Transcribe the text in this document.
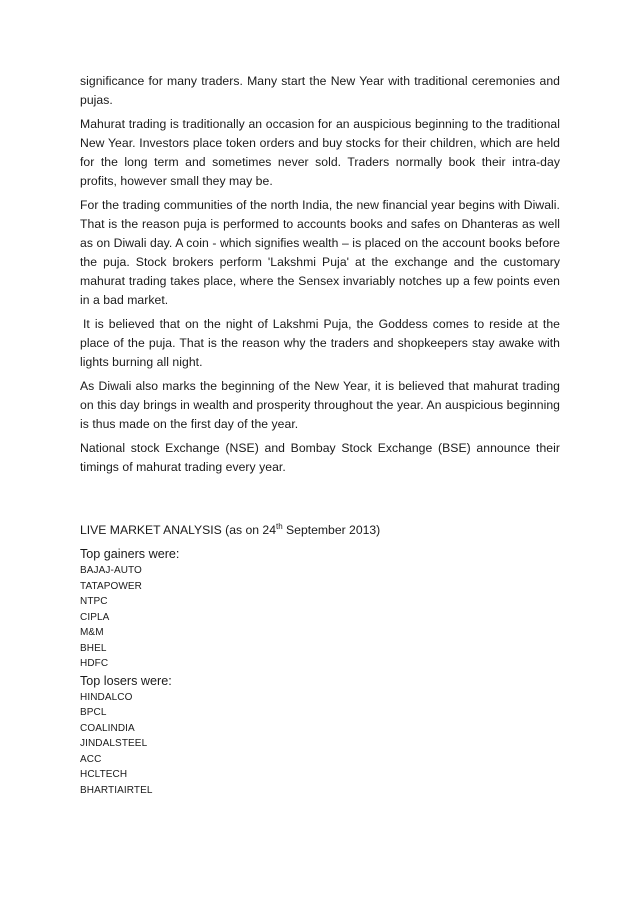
significance for many traders. Many start the New Year with traditional ceremonies and pujas.

Mahurat trading is traditionally an occasion for an auspicious beginning to the traditional New Year. Investors place token orders and buy stocks for their children, which are held for the long term and sometimes never sold. Traders normally book their intra-day profits, however small they may be.

For the trading communities of the north India, the new financial year begins with Diwali. That is the reason puja is performed to accounts books and safes on Dhanteras as well as on Diwali day. A coin - which signifies wealth – is placed on the account books before the puja. Stock brokers perform 'Lakshmi Puja' at the exchange and the customary mahurat trading takes place, where the Sensex invariably notches up a few points even in a bad market.

It is believed that on the night of Lakshmi Puja, the Goddess comes to reside at the place of the puja. That is the reason why the traders and shopkeepers stay awake with lights burning all night.

As Diwali also marks the beginning of the New Year, it is believed that mahurat trading on this day brings in wealth and prosperity throughout the year. An auspicious beginning is thus made on the first day of the year.

National stock Exchange (NSE) and Bombay Stock Exchange (BSE) announce their timings of mahurat trading every year.

LIVE MARKET ANALYSIS (as on 24th September 2013)

Top gainers were:

BAJAJ-AUTO
TATAPOWER
NTPC
CIPLA
M&M
BHEL
HDFC

Top losers were:

HINDALCO
BPCL
COALINDIA
JINDALSTEEL
ACC
HCLTECH
BHARTIAIRTEL
